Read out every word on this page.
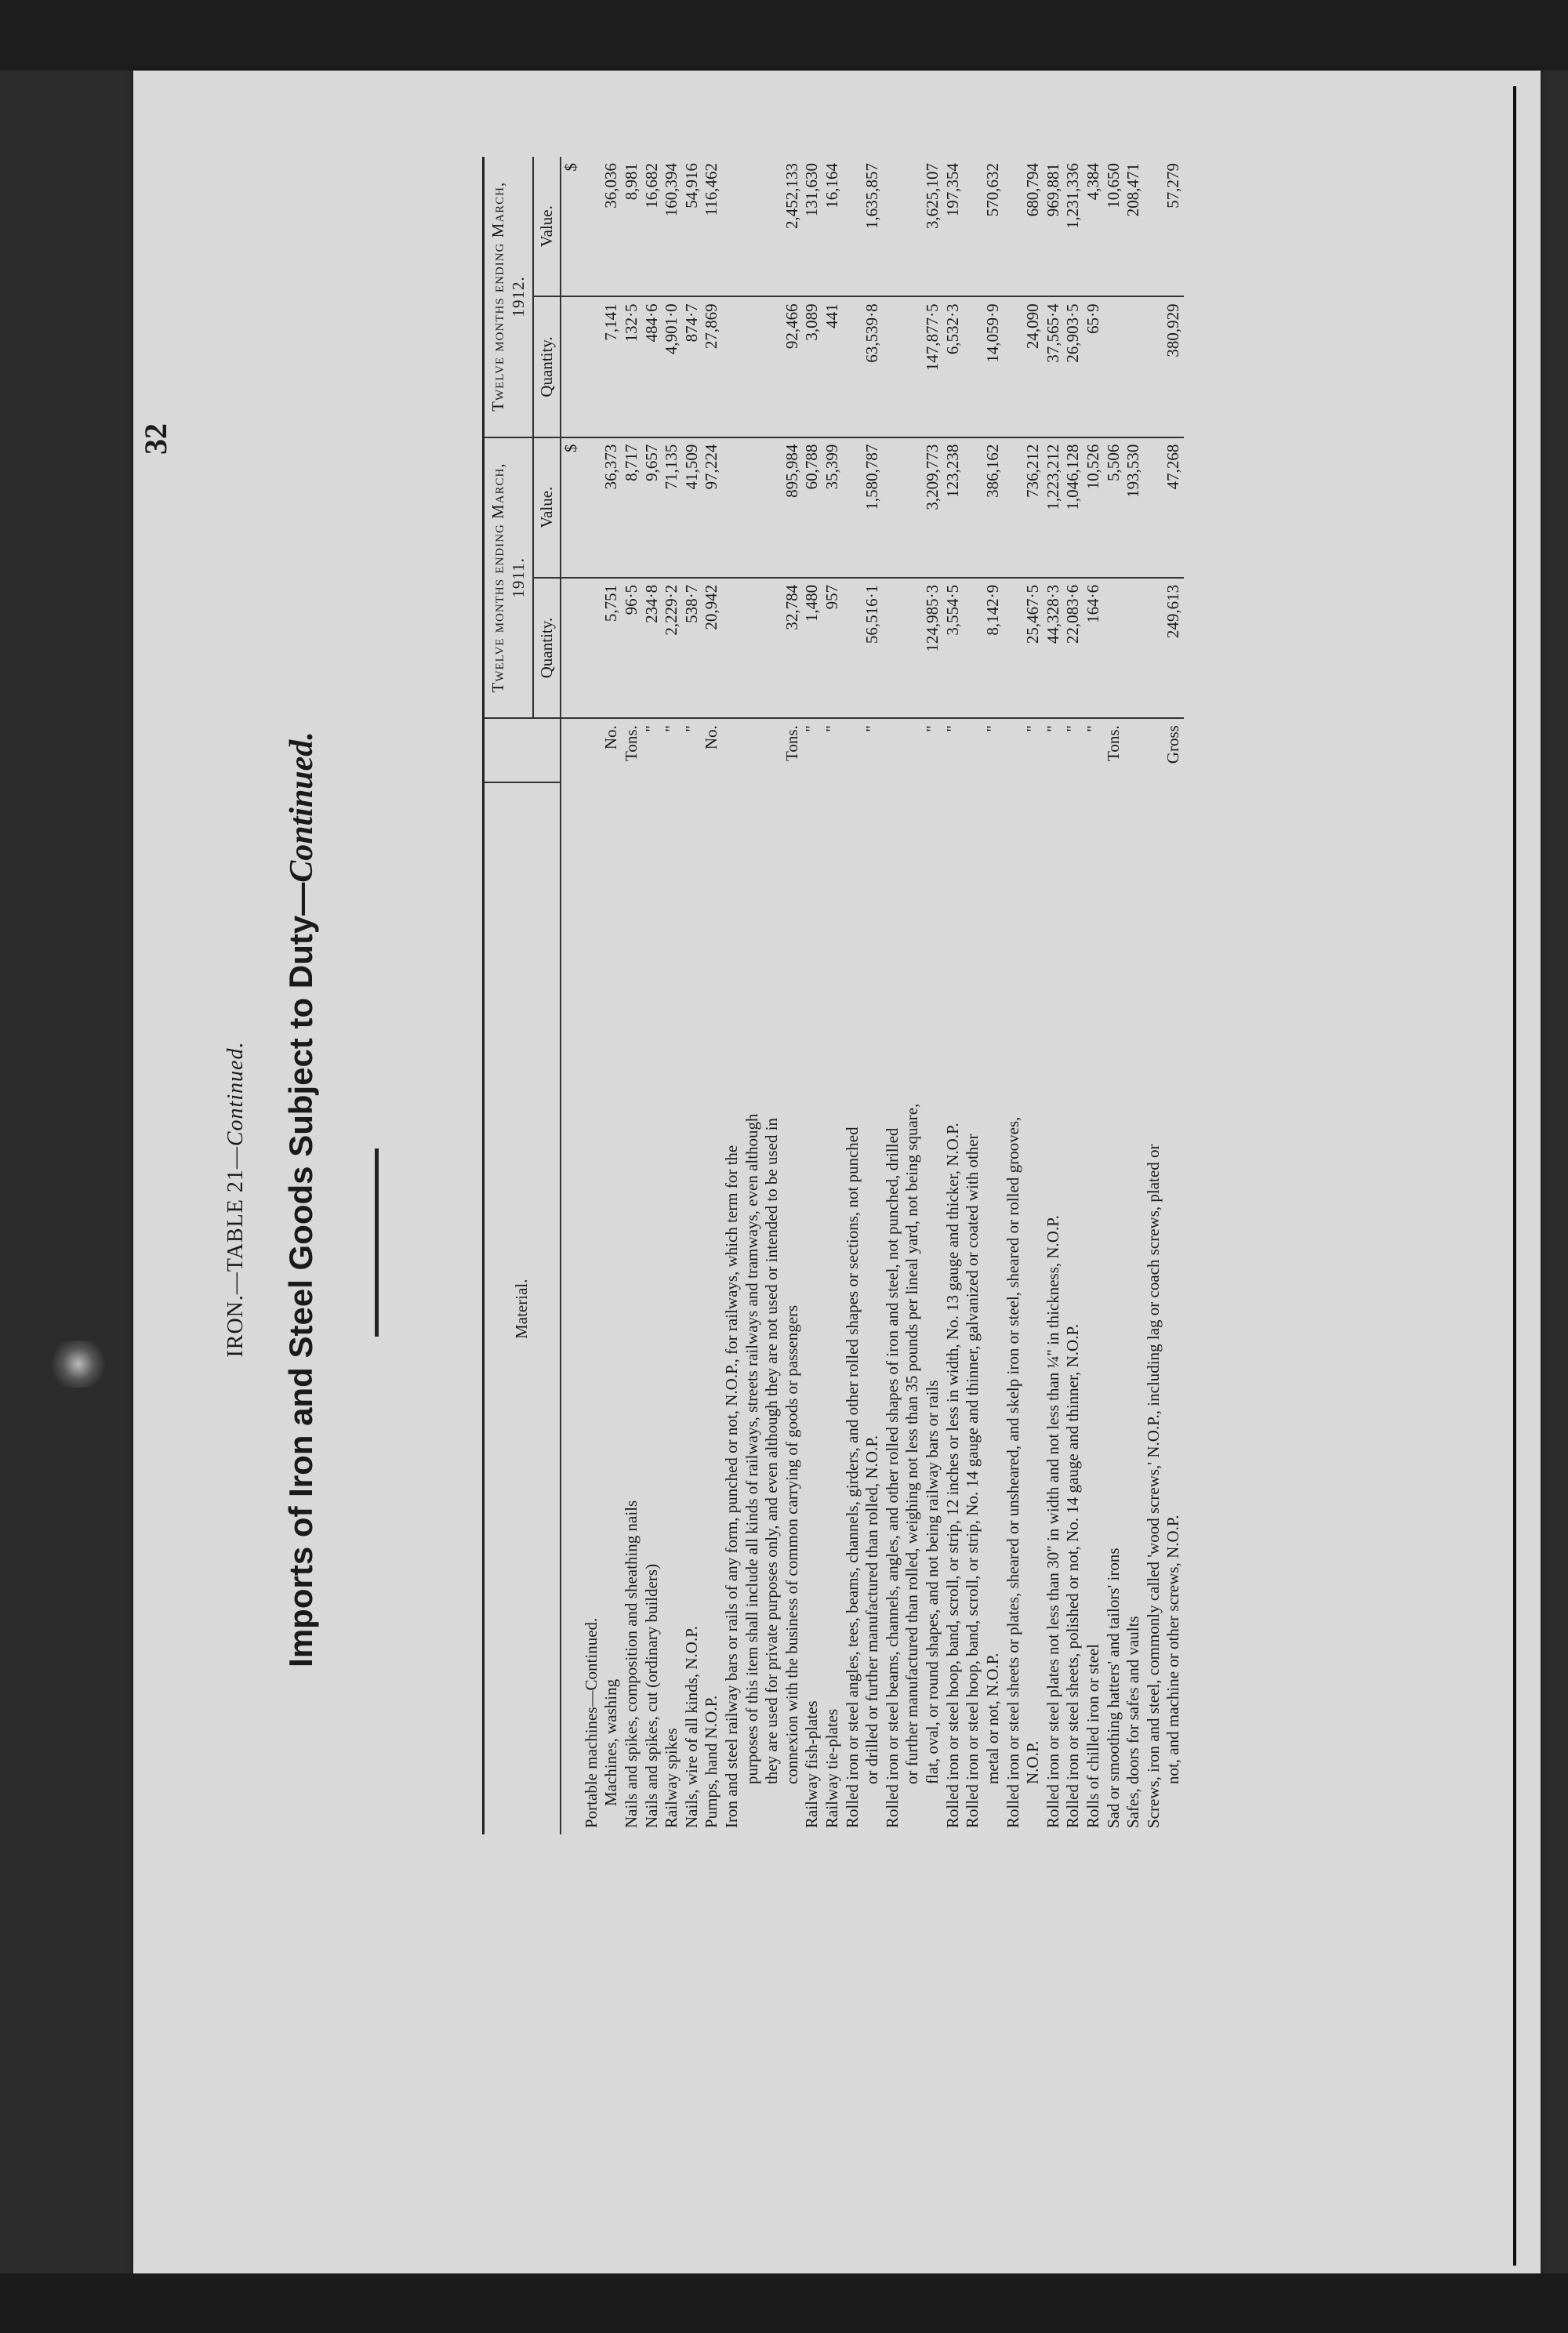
32
IRON.—TABLE 21—Continued. Imports of Iron and Steel Goods Subject to Duty—Continued.
Material.		Twelve months ending March, 1911.		Twelve months ending March, 1912.	
		Quantity.	Value.	Quantity.	Value.
			$		$
Portable machines—Continued.					
Machines, washing	No.	5,751	36,373	7,141	36,036
Nails and spikes, composition and sheathing nails	Tons.	96·5	8,717	132·5	8,981
Nails and spikes, cut (ordinary builders)	"	234·8	9,657	484·6	16,682
Railway spikes	"	2,229·2	71,135	4,901·0	160,394
Nails, wire of all kinds, N.O.P.	"	538·7	41,509	874·7	54,916
Pumps, hand N.O.P.	No.	20,942	97,224	27,869	116,462
Iron and steel railway bars or rails of any form, punched or not, N.O.P., for railways, which term for the					
purposes of this item shall include all kinds of railways, streets railways and tramways, even although					
they are used for private purposes only, and even although they are not used or intended to be used in					
connexion with the business of common carrying of goods or passengers	Tons.	32,784	895,984	92,466	2,452,133
Railway fish-plates	"	1,480	60,788	3,089	131,630
Railway tie-plates	"	957	35,399	441	16,164
Rolled iron or steel angles, tees, beams, channels, girders, and other rolled shapes or sections, not punched					
or drilled or further manufactured than rolled, N.O.P.	"	56,516·1	1,580,787	63,539·8	1,635,857
Rolled iron or steel beams, channels, angles, and other rolled shapes of iron and steel, not punched, drilled					
or further manufactured than rolled, weighing not less than 35 pounds per lineal yard, not being square,					
flat, oval, or round shapes, and not being railway bars or rails	"	124,985·3	3,209,773	147,877·5	3,625,107
Rolled iron or steel hoop, band, scroll, or strip, 12 inches or less in width, No. 13 gauge and thicker, N.O.P.	"	3,554·5	123,238	6,532·3	197,354
Rolled iron or steel hoop, band, scroll, or strip, No. 14 gauge and thinner, galvanized or coated with other					
metal or not, N.O.P.	"	8,142·9	386,162	14,059·9	570,632
Rolled iron or steel sheets or plates, sheared or unsheared, and skelp iron or steel, sheared or rolled grooves,					
N.O.P.	"	25,467·5	736,212	24,090	680,794
Rolled iron or steel plates not less than 30" in width and not less than ¼" in thickness, N.O.P.	"	44,328·3	1,223,212	37,565·4	969,881
Rolled iron or steel sheets, polished or not, No. 14 gauge and thinner, N.O.P.	"	22,083·6	1,046,128	26,903·5	1,231,336
Rolls of chilled iron or steel	"	164·6	10,526	65·9	4,384
Sad or smoothing hatters' and tailors' irons	Tons.		5,506		10,650
Safes, doors for safes and vaults			193,530		208,471
Screws, iron and steel, commonly called 'wood screws,' N.O.P., including lag or coach screws, plated or					
not, and machine or other screws, N.O.P.	Gross	249,613	47,268	380,929	57,279
